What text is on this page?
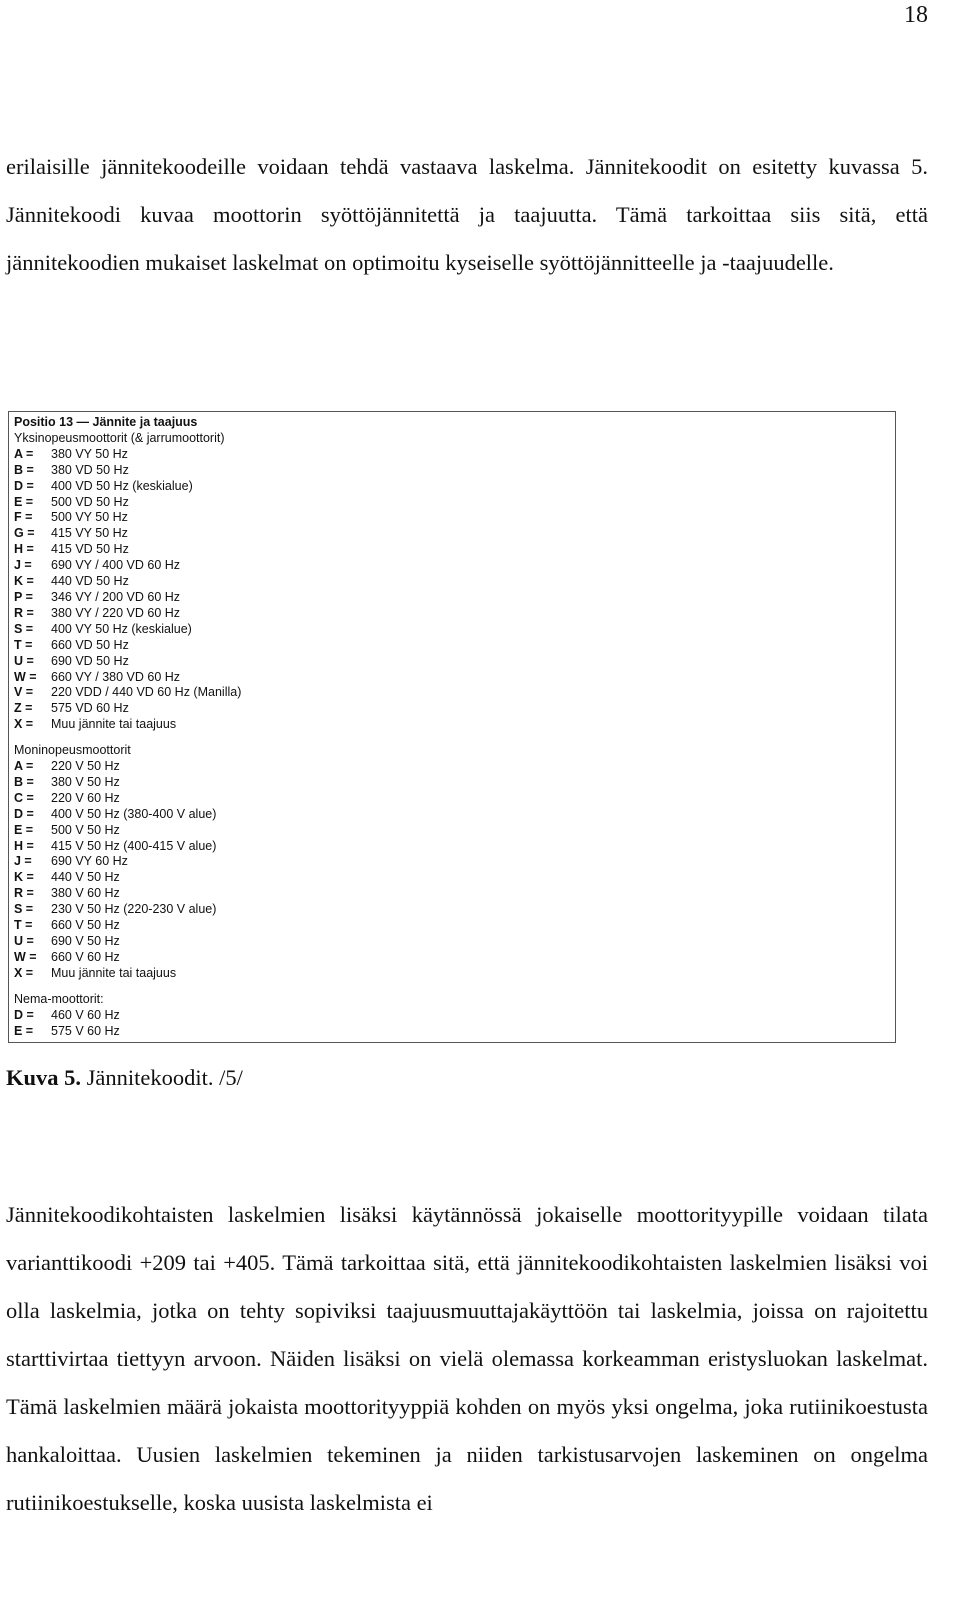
18

erilaisille jännitekoodeille voidaan tehdä vastaava laskelma. Jännitekoodit on esitetty kuvassa 5. Jännitekoodi kuvaa moottorin syöttöjännitettä ja taajuutta. Tämä tarkoittaa siis sitä, että jännitekoodien mukaiset laskelmat on optimoitu kyseiselle syöttöjännitteelle ja -taajuudelle.

Positio 13 — Jännite ja taajuus
Yksinopeusmoottorit (& jarrumoottorit)
A =	380 VY 50 Hz
B =	380 VD 50 Hz
D =	400 VD 50 Hz (keskialue)
E =	500 VD 50 Hz
F =	500 VY 50 Hz
G =	415 VY 50 Hz
H =	415 VD 50 Hz
J =	690 VY / 400 VD 60 Hz
K =	440 VD 50 Hz
P =	346 VY / 200 VD 60 Hz
R =	380 VY / 220 VD 60 Hz
S =	400 VY 50 Hz (keskialue)
T =	660 VD 50 Hz
U =	690 VD 50 Hz
W =	660 VY / 380 VD 60 Hz
V =	220 VDD / 440 VD 60 Hz (Manilla)
Z =	575 VD 60 Hz
X =	Muu jännite tai taajuus
Moninopeusmoottorit
A =	220 V 50 Hz
B =	380 V 50 Hz
C =	220 V 60 Hz
D =	400 V 50 Hz (380-400 V alue)
E =	500 V 50 Hz
H =	415 V 50 Hz (400-415 V alue)
J =	690 VY 60 Hz
K =	440 V 50 Hz
R =	380 V 60 Hz
S =	230 V 50 Hz (220-230 V alue)
T =	660 V 50 Hz
U =	690 V 50 Hz
W =	660 V 60 Hz
X =	Muu jännite tai taajuus
Nema-moottorit:
D =	460 V 60 Hz
E =	575 V 60 Hz
Kuva 5. Jännitekoodit. /5/

Jännitekoodikohtaisten laskelmien lisäksi käytännössä jokaiselle moottorityypille voidaan tilata varianttikoodi +209 tai +405. Tämä tarkoittaa sitä, että jännitekoodikohtaisten laskelmien lisäksi voi olla laskelmia, jotka on tehty sopiviksi taajuusmuuttajakäyttöön tai laskelmia, joissa on rajoitettu starttivirtaa tiettyyn arvoon. Näiden lisäksi on vielä olemassa korkeamman eristysluokan laskelmat. Tämä laskelmien määrä jokaista moottorityyppiä kohden on myös yksi ongelma, joka rutiinikoestusta hankaloittaa. Uusien laskelmien tekeminen ja niiden tarkistusarvojen laskeminen on ongelma rutiinikoestukselle, koska uusista laskelmista ei
